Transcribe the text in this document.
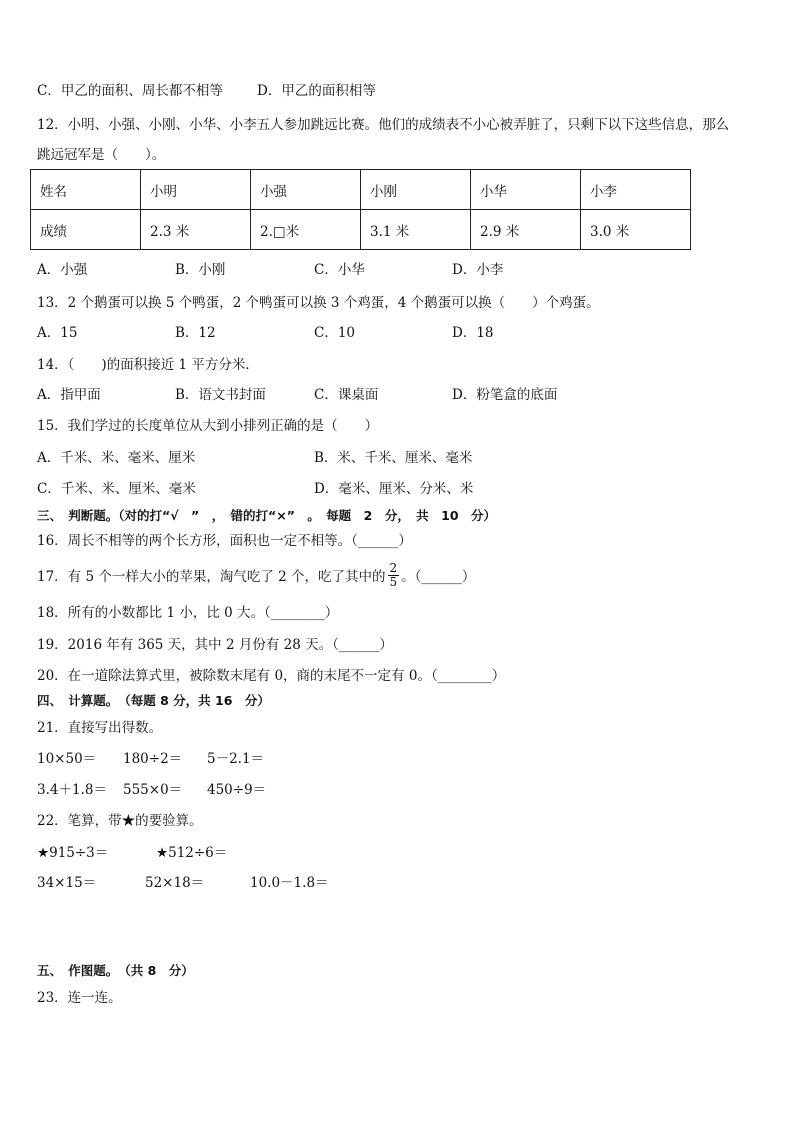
C．甲乙的面积、周长都不相等	D．甲乙的面积相等
12．小明、小强、小刚、小华、小李五人参加跳远比赛。他们的成绩表不小心被弄脏了，只剩下以下这些信息，那么
跳远冠军是（　　）。
姓名	小明	小强	小刚	小华	小李
成绩	2.3 米	2.□米	3.1 米	2.9 米	3.0 米
A．小强	B．小刚	C．小华	D．小李
13．2 个鹅蛋可以换 5 个鸭蛋，2 个鸭蛋可以换 3 个鸡蛋，4 个鹅蛋可以换（　　）个鸡蛋。
A．15	B．12	C．10	D．18
14．（　　)的面积接近 1 平方分米．
A．指甲面	B．语文书封面	C．课桌面	D．粉笔盒的底面
15．我们学过的长度单位从大到小排列正确的是（　　）
A．千米、米、毫米、厘米	B．米、千米、厘米、毫米
C．千米、米、厘米、毫米	D．毫米、厘米、分米、米
三、　判断题。（对的打“√　”　，　错的打“×”　。　每题　2　分，　共　10　分）
16．周长不相等的两个长方形，面积也一定不相等。（______）
17．有 5 个一样大小的苹果，淘气吃了 2 个，吃了其中的 $\frac{2}{5}$ 。（______）
18．所有的小数都比 1 小，比 0 大。（________）
19．2016 年有 365 天，其中 2 月份有 28 天。（______）
20．在一道除法算式里，被除数末尾有 0，商的末尾不一定有 0。（________）
四、　计算题。　（每题 8 分，共 16　分）
21．直接写出得数。
10×50＝ 180÷2＝ 5－2.1＝
3.4＋1.8＝ 555×0＝ 450÷9＝
22．笔算，带★的要验算。
★915÷3＝	★512÷6＝
34×15＝	52×18＝	10.0－1.8＝
五、　作图题。　（共 8　分）
23．连一连。
